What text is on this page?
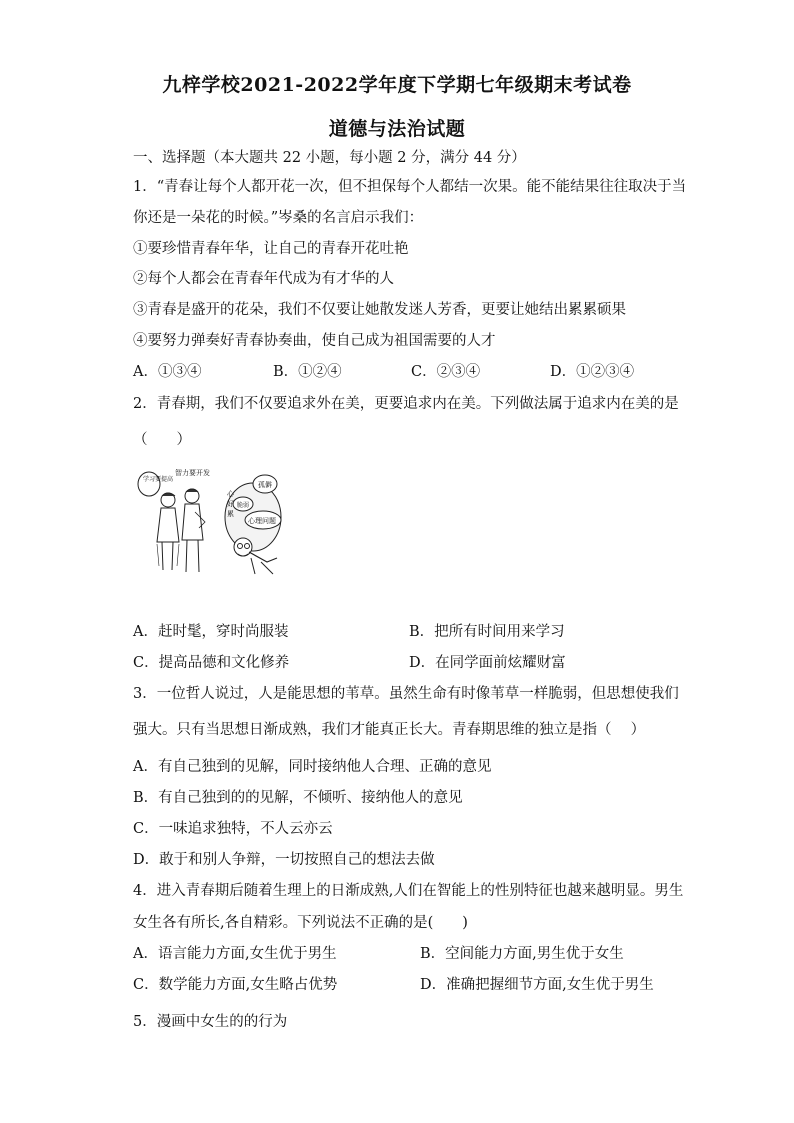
九梓学校2021-2022学年度下学期七年级期末考试卷
道德与法治试题
一、选择题（本大题共 22 小题，每小题 2 分，满分 44 分）
1．“青春让每个人都开花一次，但不担保每个人都结一次果。能不能结果往往取决于当
你还是一朵花的时候。”岑桑的名言启示我们：
①要珍惜青春年华，让自己的青春开花吐艳
②每个人都会在青春年代成为有才华的人
③青春是盛开的花朵，我们不仅要让她散发迷人芳香，更要让她结出累累硕果
④要努力弹奏好青春协奏曲，使自己成为祖国需要的人才
A．①③④	B．①②④	C．②③④	D．①②③④
2．青春期，我们不仅要追求外在美，更要追求内在美。下列做法属于追求内在美的是
（　　）
学习要提高
智力要开发
心
好
累
脆弱
孤僻
心理问题
A．赶时髦，穿时尚服装	B．把所有时间用来学习
C．提高品德和文化修养	D．在同学面前炫耀财富
3．一位哲人说过，人是能思想的苇草。虽然生命有时像苇草一样脆弱，但思想使我们
强大。只有当思想日渐成熟，我们才能真正长大。青春期思维的独立是指（　 ）
A．有自己独到的见解，同时接纳他人合理、正确的意见
B．有自己独到的的见解，不倾听、接纳他人的意见
C．一味追求独特，不人云亦云
D．敢于和别人争辩，一切按照自己的想法去做
4．进入青春期后随着生理上的日渐成熟,人们在智能上的性别特征也越来越明显。男生
女生各有所长,各自精彩。下列说法不正确的是(　　)
A．语言能力方面,女生优于男生	B．空间能力方面,男生优于女生
C．数学能力方面,女生略占优势	D．准确把握细节方面,女生优于男生
5．漫画中女生的的行为
